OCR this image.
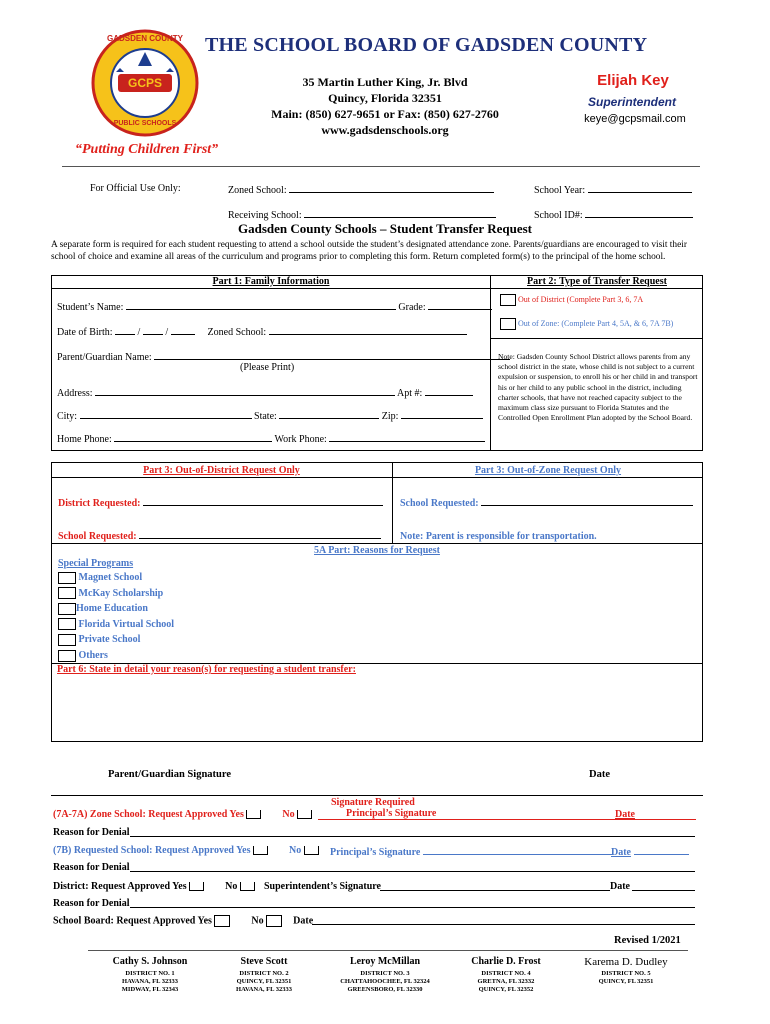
GADSDEN COUNTY
GCPS
PUBLIC SCHOOLS
THE SCHOOL BOARD OF GADSDEN COUNTY
35 Martin Luther King, Jr. Blvd
Quincy, Florida 32351
Main: (850) 627-9651 or Fax: (850) 627-2760
www.gadsdenschools.org
Elijah Key
Superintendent
keye@gcpsmail.com
“Putting Children First”
For Official Use Only:	Zoned School:	School Year:
Receiving School:	School ID#:
Gadsden County Schools – Student Transfer Request
A separate form is required for each student requesting to attend a school outside the student’s designated attendance zone. Parents/guardians are encouraged to visit their school of choice and examine all areas of the curriculum and programs prior to completing this form. Return completed form(s) to the principal of the home school.
Part 1: Family Information	Part 2: Type of Transfer Request
Student’s Name:	Grade:
Date of Birth:  /  /	Zoned School:
Parent/Guardian Name:
(Please Print)
Address:	Apt #:
City:	State:	Zip:
Home Phone:	Work Phone:
Out of District (Complete Part 3, 6, 7A
Out of Zone: (Complete Part 4, 5A, & 6, 7A 7B)
Note: Gadsden County School District allows parents from any school district in the state, whose child is not subject to a current expulsion or suspension, to enroll his or her child in and transport his or her child to any public school in the district, including charter schools, that have not reached capacity subject to the maximum class size pursuant to Florida Statutes and the Controlled Open Enrollment Plan adopted by the School Board.
Part 3: Out-of-District Request Only	Part 3: Out-of-Zone Request Only
District Requested:
School Requested:
School Requested:
Note: Parent is responsible for transportation.
5A Part: Reasons for Request
Special Programs
Magnet School
McKay Scholarship
Home Education
Florida Virtual School
Private School
Others
Part 6: State in detail your reason(s) for requesting a student transfer:
Parent/Guardian Signature	Date
Signature Required
(7A-7A) Zone School: Request Approved Yes	No	Principal’s Signature	Date
Reason for Denial
(7B) Requested School: Request Approved Yes	No	Principal’s Signature	Date
Reason for Denial
District: Request Approved Yes	No	Superintendent’s Signature	Date
Reason for Denial
School Board: Request Approved Yes	No	Date
Revised 1/2021
Cathy S. Johnson
DISTRICT NO. 1
HAVANA, FL 32333
MIDWAY, FL 32343
Steve Scott
DISTRICT NO. 2
QUINCY, FL 32351
HAVANA, FL 32333
Leroy McMillan
DISTRICT NO. 3
CHATTAHOOCHEE, FL 32324
GREENSBORO, FL 32330
Charlie D. Frost
DISTRICT NO. 4
GRETNA, FL 32332
QUINCY, FL 32352
Karema D. Dudley
DISTRICT NO. 5
QUINCY, FL 32351
